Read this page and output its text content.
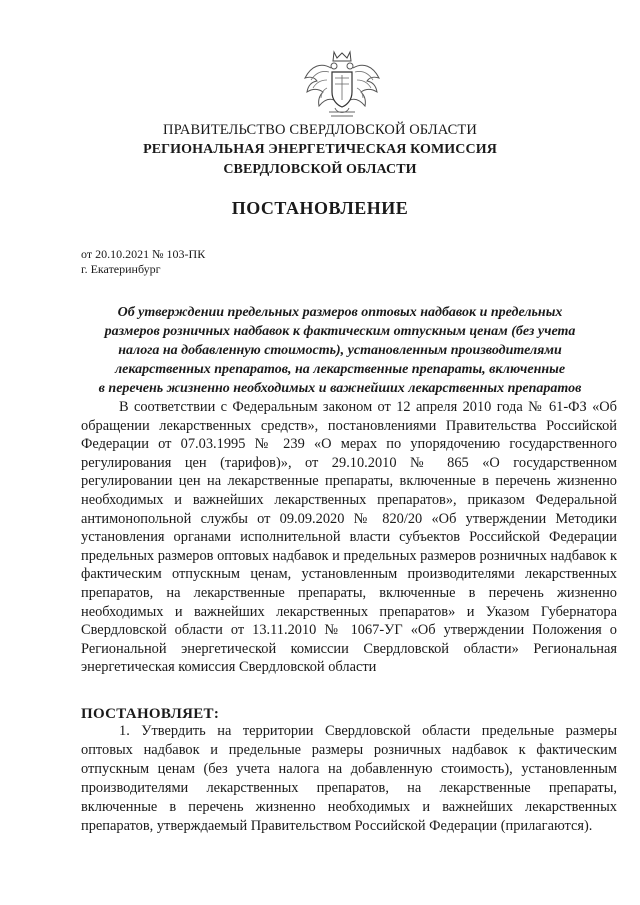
ПРАВИТЕЛЬСТВО СВЕРДЛОВСКОЙ ОБЛАСТИ
РЕГИОНАЛЬНАЯ ЭНЕРГЕТИЧЕСКАЯ КОМИССИЯ
СВЕРДЛОВСКОЙ ОБЛАСТИ
ПОСТАНОВЛЕНИЕ
от 20.10.2021 № 103-ПК
г. Екатеринбург
Об утверждении предельных размеров оптовых надбавок и предельных
размеров розничных надбавок к фактическим отпускным ценам (без учета
налога на добавленную стоимость), установленным производителями
лекарственных препаратов, на лекарственные препараты, включенные
в перечень жизненно необходимых и важнейших лекарственных препаратов
В соответствии с Федеральным законом от 12 апреля 2010 года № 61-ФЗ «Об обращении лекарственных средств», постановлениями Правительства Российской Федерации от 07.03.1995 № 239 «О мерах по упорядочению государственного регулирования цен (тарифов)», от 29.10.2010 № 865 «О государственном регулировании цен на лекарственные препараты, включенные в перечень жизненно необходимых и важнейших лекарственных препаратов», приказом Федеральной антимонопольной службы от 09.09.2020 № 820/20 «Об утверждении Методики установления органами исполнительной власти субъектов Российской Федерации предельных размеров оптовых надбавок и предельных размеров розничных надбавок к фактическим отпускным ценам, установленным производителями лекарственных препаратов, на лекарственные препараты, включенные в перечень жизненно необходимых и важнейших лекарственных препаратов» и Указом Губернатора Свердловской области от 13.11.2010 № 1067-УГ «Об утверждении Положения о Региональной энергетической комиссии Свердловской области» Региональная энергетическая комиссия Свердловской области
ПОСТАНОВЛЯЕТ:
1. Утвердить на территории Свердловской области предельные размеры оптовых надбавок и предельные размеры розничных надбавок к фактическим отпускным ценам (без учета налога на добавленную стоимость), установленным производителями лекарственных препаратов, на лекарственные препараты, включенные в перечень жизненно необходимых и важнейших лекарственных препаратов, утверждаемый Правительством Российской Федерации (прилагаются).
